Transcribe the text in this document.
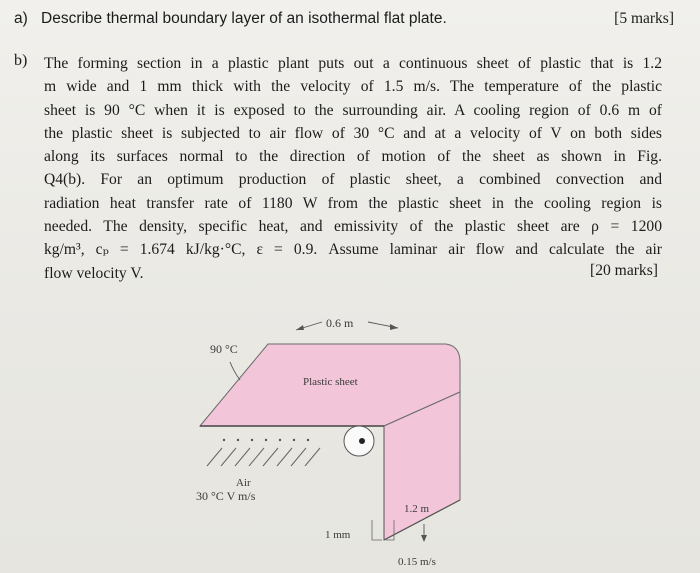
a) Describe thermal boundary layer of an isothermal flat plate.	[5 marks]
b) The forming section in a plastic plant puts out a continuous sheet of plastic that is 1.2
m wide and 1 mm thick with the velocity of 1.5 m/s. The temperature of the plastic
sheet is 90 °C when it is exposed to the surrounding air. A cooling region of 0.6 m of
the plastic sheet is subjected to air flow of 30 °C and at a velocity of V on both sides
along its surfaces normal to the direction of motion of the sheet as shown in Fig.
Q4(b). For an optimum production of plastic sheet, a combined convection and
radiation heat transfer rate of 1180 W from the plastic sheet in the cooling region is
needed. The density, specific heat, and emissivity of the plastic sheet are ρ = 1200
kg/m³, cₚ = 1.674 kJ/kg·°C, ε = 0.9. Assume laminar air flow and calculate the air
flow velocity V.	[20 marks]
0.6 m
90 °C
Plastic sheet
Air
30 °C V m/s
1.2 m
1 mm
0.15 m/s
